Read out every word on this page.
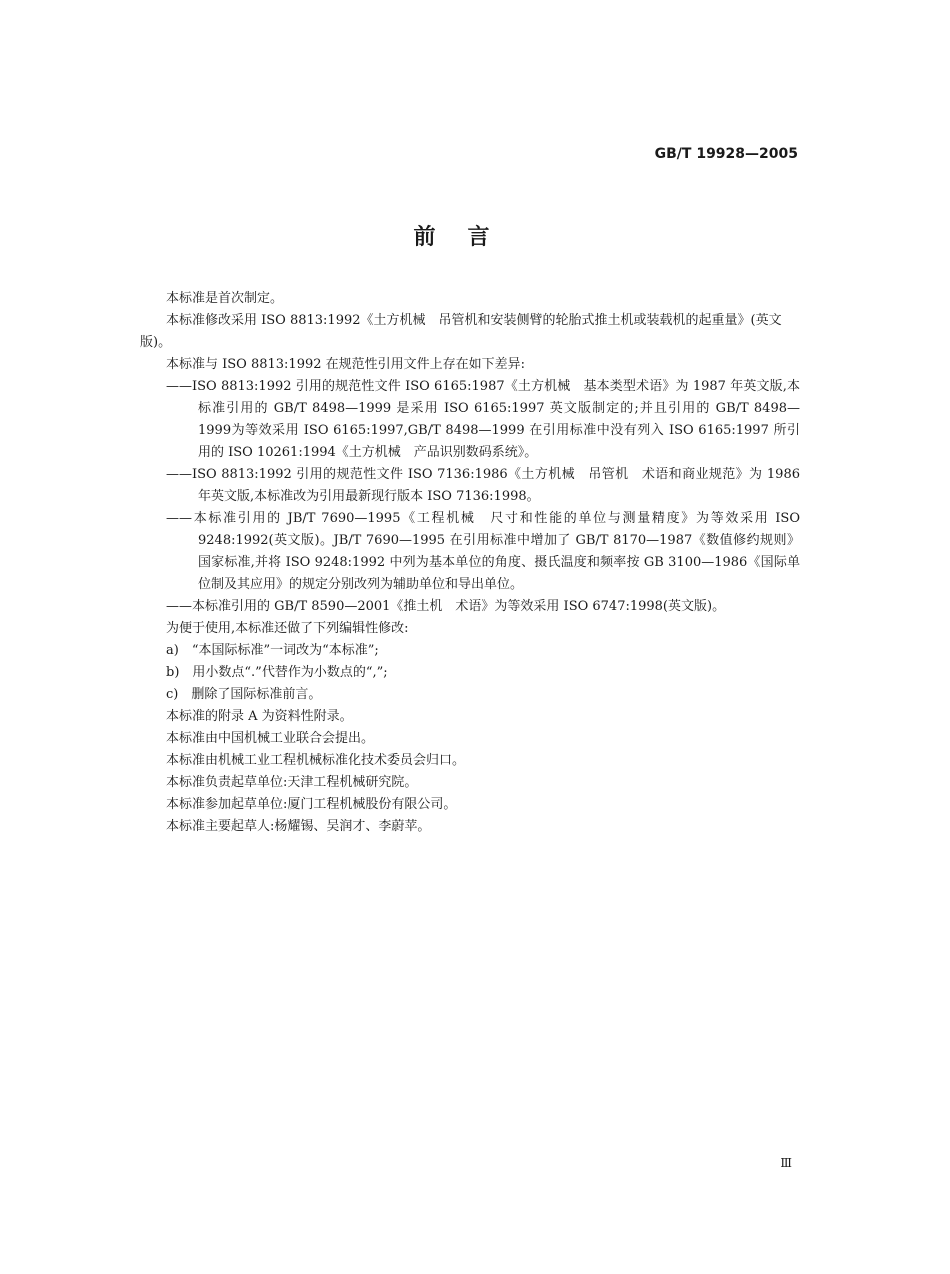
GB/T 19928—2005
前言

本标准是首次制定。

本标准修改采用 ISO 8813:1992《土方机械　吊管机和安装侧臂的轮胎式推土机或装载机的起重量》(英文版)。

本标准与 ISO 8813:1992 在规范性引用文件上存在如下差异:

——ISO 8813:1992 引用的规范性文件 ISO 6165:1987《土方机械　基本类型术语》为 1987 年英文版,本标准引用的 GB/T 8498—1999 是采用 ISO 6165:1997 英文版制定的;并且引用的 GB/T 8498—1999为等效采用 ISO 6165:1997,GB/T 8498—1999 在引用标准中没有列入 ISO 6165:1997 所引用的 ISO 10261:1994《土方机械　产品识别数码系统》。

——ISO 8813:1992 引用的规范性文件 ISO 7136:1986《土方机械　吊管机　术语和商业规范》为 1986 年英文版,本标准改为引用最新现行版本 ISO 7136:1998。

——本标准引用的 JB/T 7690—1995《工程机械　尺寸和性能的单位与测量精度》为等效采用 ISO 9248:1992(英文版)。JB/T 7690—1995 在引用标准中增加了 GB/T 8170—1987《数值修约规则》国家标准,并将 ISO 9248:1992 中列为基本单位的角度、摄氏温度和频率按 GB 3100—1986《国际单位制及其应用》的规定分别改列为辅助单位和导出单位。

——本标准引用的 GB/T 8590—2001《推土机　术语》为等效采用 ISO 6747:1998(英文版)。

为便于使用,本标准还做了下列编辑性修改:

a)　“本国际标准”一词改为“本标准”;

b)　用小数点“.”代替作为小数点的“,”;

c)　删除了国际标准前言。

本标准的附录 A 为资料性附录。

本标准由中国机械工业联合会提出。

本标准由机械工业工程机械标准化技术委员会归口。

本标准负责起草单位:天津工程机械研究院。

本标准参加起草单位:厦门工程机械股份有限公司。

本标准主要起草人:杨耀锡、吴润才、李蔚苹。

Ⅲ
